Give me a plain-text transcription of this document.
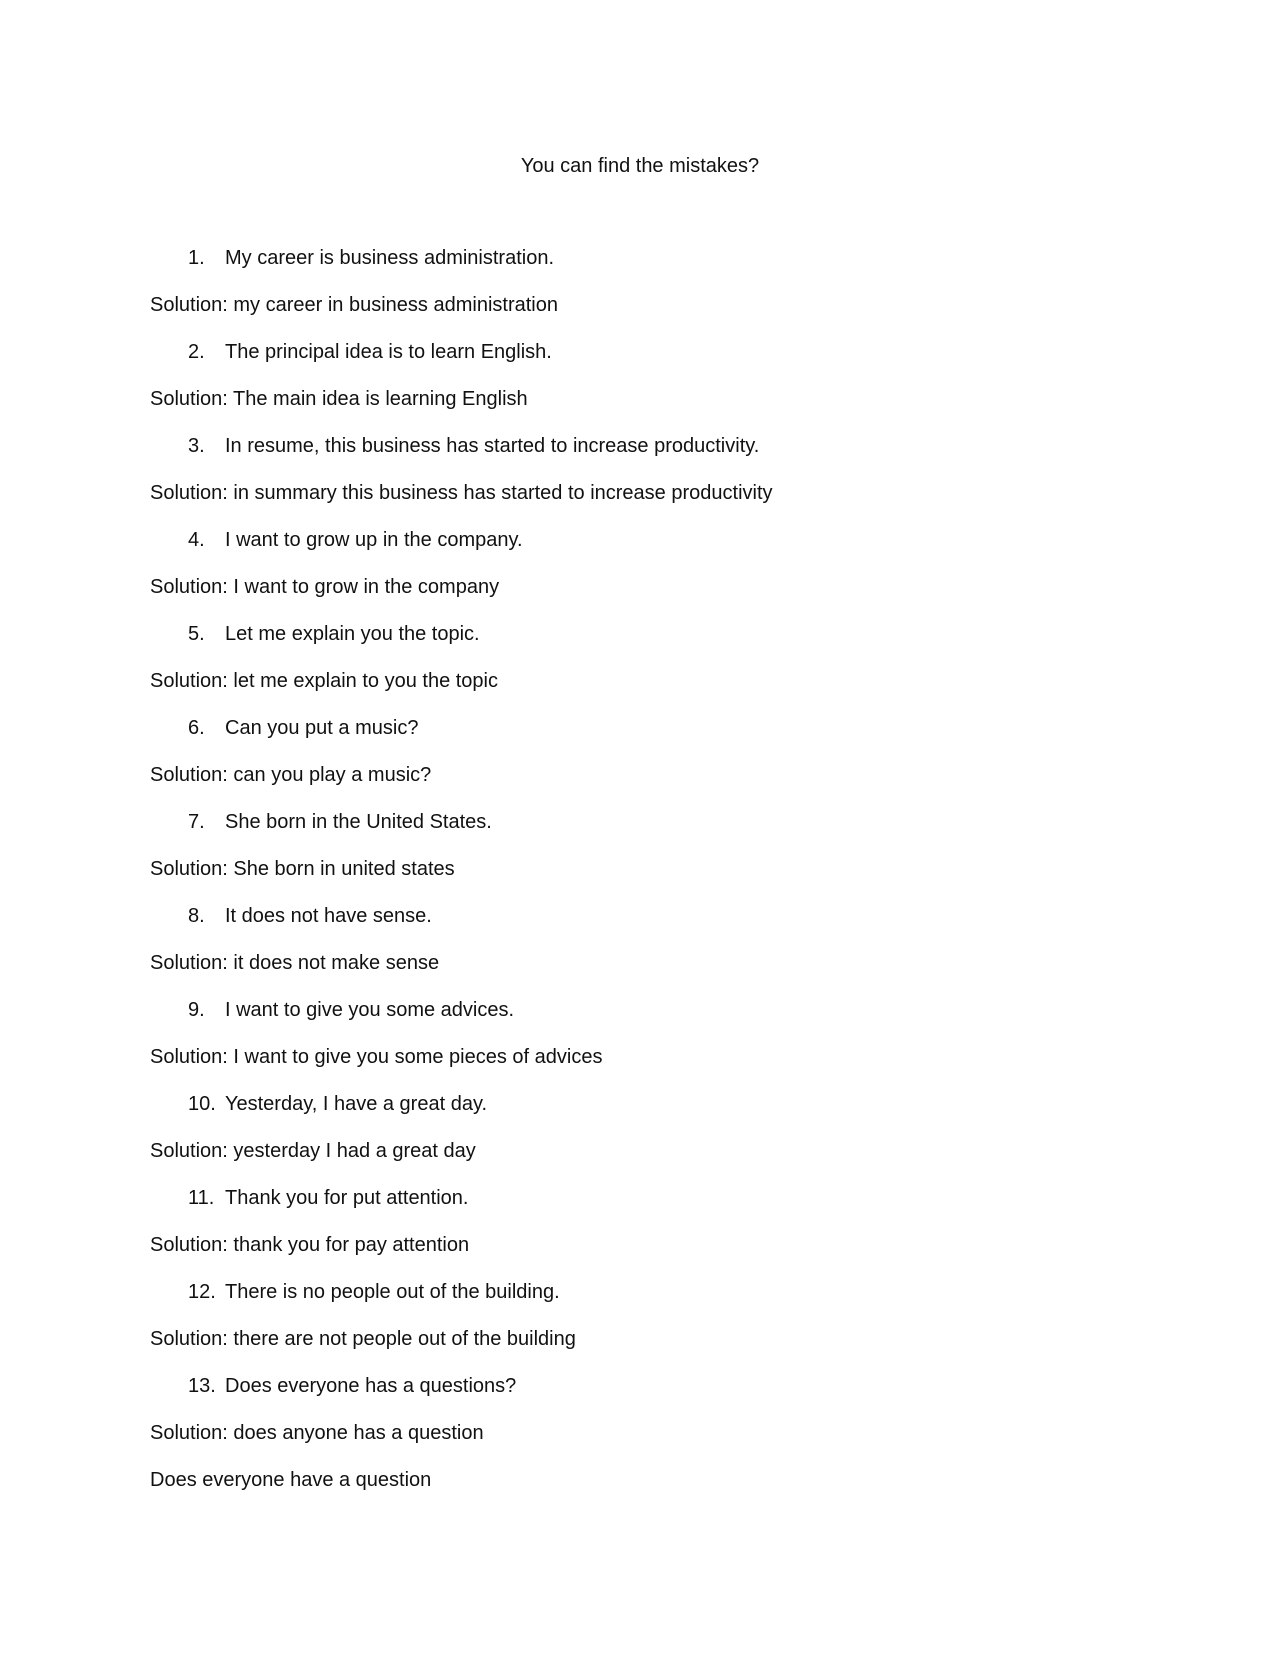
You can find the mistakes?
1.	My career is business administration.
Solution: my career in business administration
2.	The principal idea is to learn English.
Solution: The main idea is learning English
3.	In resume, this business has started to increase productivity.
Solution: in summary this business has started to increase productivity
4.	I want to grow up in the company.
Solution: I want to grow in the company
5.	Let me explain you the topic.
Solution: let me explain to you the topic
6.	Can you put a music?
Solution: can you play a music?
7.	She born in the United States.
Solution: She born in united states
8.	It does not have sense.
Solution: it does not make sense
9.	I want to give you some advices.
Solution: I want to give you some pieces of advices
10. Yesterday, I have a great day.
Solution: yesterday I had a great day
11. Thank you for put attention.
Solution: thank you for pay attention
12. There is no people out of the building.
Solution: there are not people out of the building
13. Does everyone has a questions?
Solution: does anyone has a question
Does everyone have a question
